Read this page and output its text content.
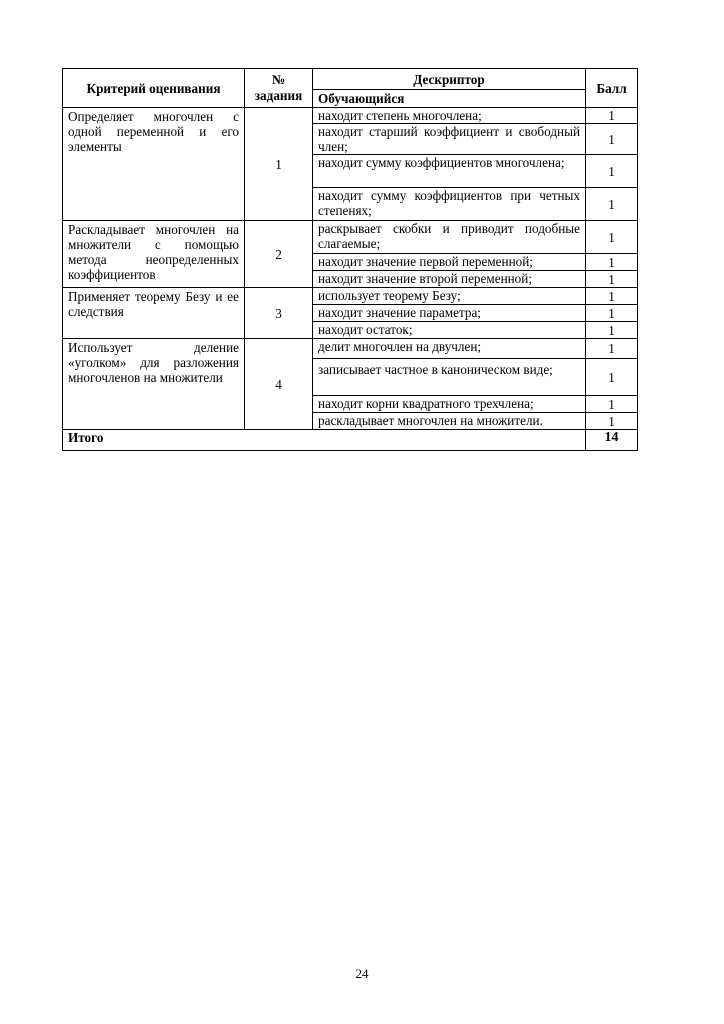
Критерий оценивания	№ задания	Дескриптор	Балл
		Обучающийся	
Определяет многочлен с одной переменной и его элементы	1	находит степень многочлена;	1
		находит старший коэффициент и свободный член;	1
		находит сумму коэффициентов многочлена;	1
		находит сумму коэффициентов при четных степенях;	1
Раскладывает многочлен на множители с помощью метода неопределенных коэффициентов	2	раскрывает скобки и приводит подобные слагаемые;	1
		находит значение первой переменной;	1
		находит значение второй переменной;	1
Применяет теорему Безу и ее следствия	3	использует теорему Безу;	1
		находит значение параметра;	1
		находит остаток;	1
Использует деление «уголком» для разложения многочленов на множители	4	делит многочлен на двучлен;	1
		записывает частное в каноническом виде;	1
		находит корни квадратного трехчлена;	1
		раскладывает многочлен на множители.	1
Итого			14
24
